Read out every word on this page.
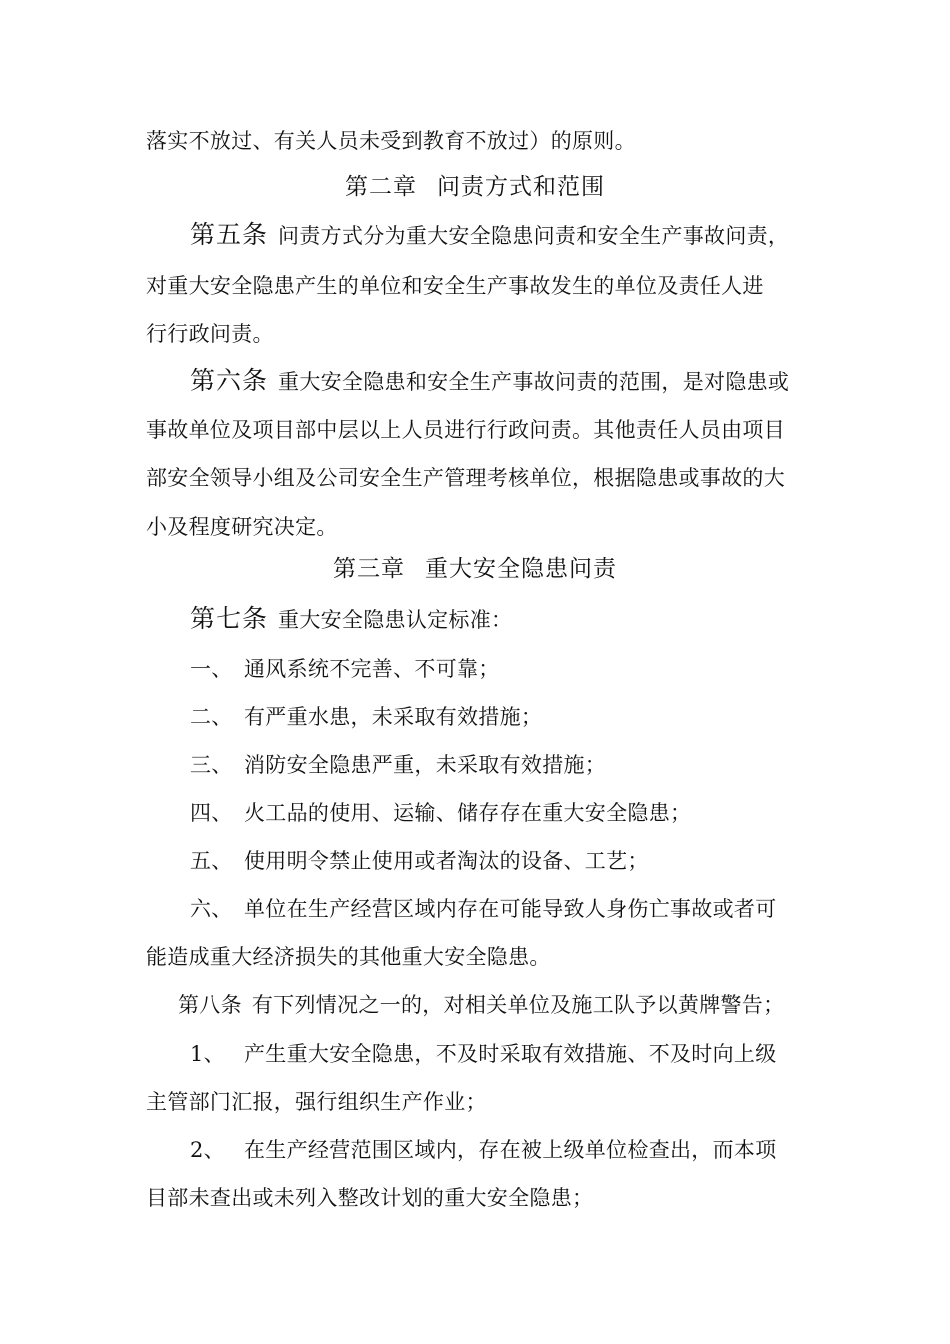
落实不放过、有关人员未受到教育不放过）的原则。
第二章 问责方式和范围
第五条 问责方式分为重大安全隐患问责和安全生产事故问责，
对重大安全隐患产生的单位和安全生产事故发生的单位及责任人进
行行政问责。
第六条 重大安全隐患和安全生产事故问责的范围，是对隐患或
事故单位及项目部中层以上人员进行行政问责。其他责任人员由项目
部安全领导小组及公司安全生产管理考核单位，根据隐患或事故的大
小及程度研究决定。
第三章 重大安全隐患问责
第七条 重大安全隐患认定标准：
一、 通风系统不完善、不可靠；
二、 有严重水患，未采取有效措施；
三、 消防安全隐患严重，未采取有效措施；
四、 火工品的使用、运输、储存存在重大安全隐患；
五、 使用明令禁止使用或者淘汰的设备、工艺；
六、 单位在生产经营区域内存在可能导致人身伤亡事故或者可
能造成重大经济损失的其他重大安全隐患。
第八条 有下列情况之一的，对相关单位及施工队予以黄牌警告；
1、 产生重大安全隐患，不及时采取有效措施、不及时向上级
主管部门汇报，强行组织生产作业；
2、 在生产经营范围区域内，存在被上级单位检查出，而本项
目部未查出或未列入整改计划的重大安全隐患；
